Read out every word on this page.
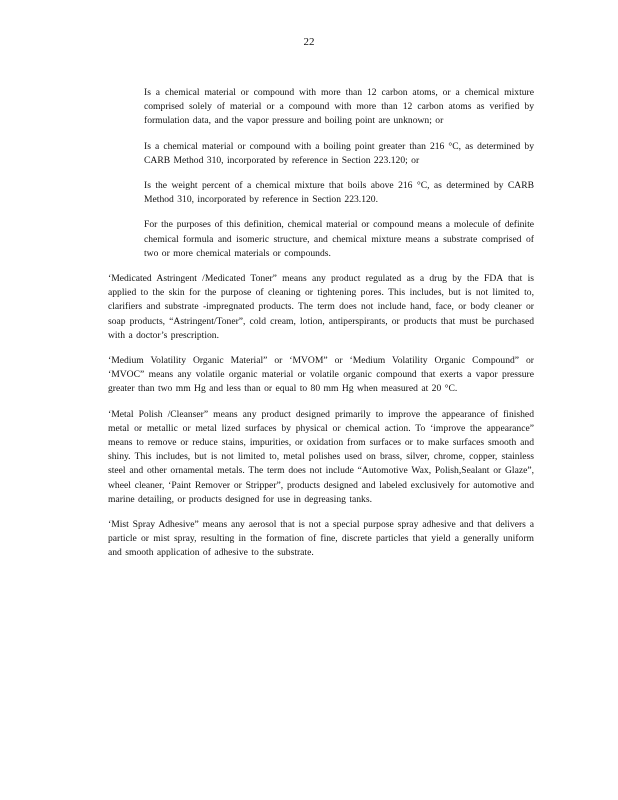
22

Is a chemical material or compound with more than 12 carbon atoms, or a chemical mixture comprised solely of material or a compound with more than 12 carbon atoms as verified by formulation data, and the vapor pressure and boiling point are unknown; or

Is a chemical material or compound with a boiling point greater than 216 °C, as determined by CARB Method 310, incorporated by reference in Section 223.120; or

Is the weight percent of a chemical mixture that boils above 216 °C, as determined by CARB Method 310, incorporated by reference in Section 223.120.

For the purposes of this definition, chemical material or compound means a molecule of definite chemical formula and isomeric structure, and chemical mixture means a substrate comprised of two or more chemical materials or compounds.

‘Medicated Astringent /Medicated Toner” means any product regulated as a drug by the FDA that is applied to the skin for the purpose of cleaning or tightening pores. This includes, but is not limited to, clarifiers and substrate -impregnated products. The term does not include hand, face, or body cleaner or soap products, “Astringent/Toner”, cold cream, lotion, antiperspirants, or products that must be purchased with a doctor’s prescription.

‘Medium Volatility Organic Material” or ‘MVOM” or ‘Medium Volatility Organic Compound” or ‘MVOC” means any volatile organic material or volatile organic compound that exerts a vapor pressure greater than two mm Hg and less than or equal to 80 mm Hg when measured at 20 °C.

‘Metal Polish /Cleanser” means any product designed primarily to improve the appearance of finished metal or metallic or metal lized surfaces by physical or chemical action. To ‘improve the appearance” means to remove or reduce stains, impurities, or oxidation from surfaces or to make surfaces smooth and shiny. This includes, but is not limited to, metal polishes used on brass, silver, chrome, copper, stainless steel and other ornamental metals. The term does not include “Automotive Wax, Polish,Sealant or Glaze”, wheel cleaner, ‘Paint Remover or Stripper”, products designed and labeled exclusively for automotive and marine detailing, or products designed for use in degreasing tanks.

‘Mist Spray Adhesive” means any aerosol that is not a special purpose spray adhesive and that delivers a particle or mist spray, resulting in the formation of fine, discrete particles that yield a generally uniform and smooth application of adhesive to the substrate.
